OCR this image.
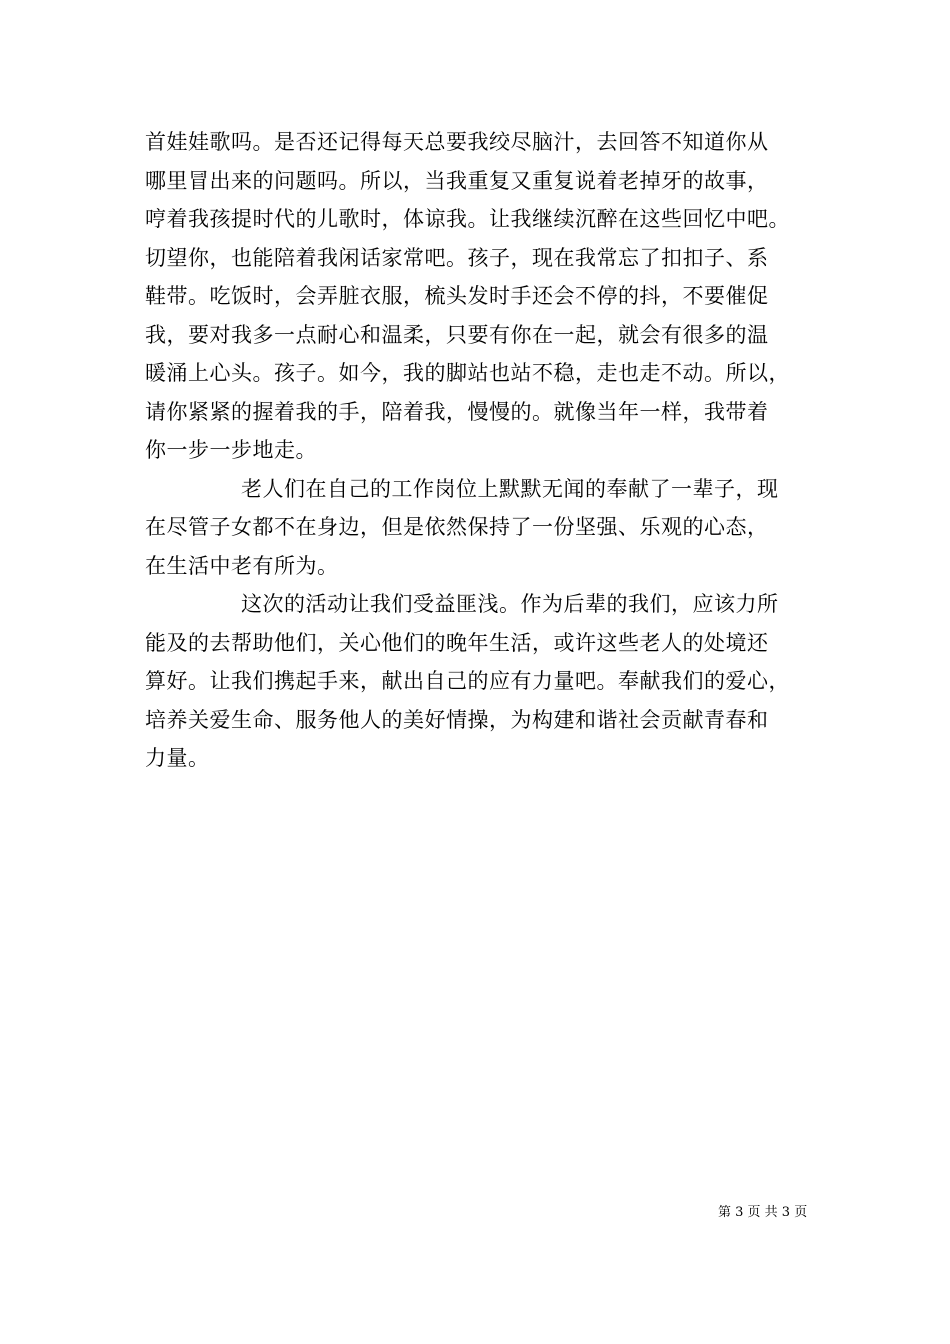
首娃娃歌吗。是否还记得每天总要我绞尽脑汁，去回答不知道你从
哪里冒出来的问题吗。所以，当我重复又重复说着老掉牙的故事，
哼着我孩提时代的儿歌时，体谅我。让我继续沉醉在这些回忆中吧。
切望你，也能陪着我闲话家常吧。孩子，现在我常忘了扣扣子、系
鞋带。吃饭时，会弄脏衣服，梳头发时手还会不停的抖，不要催促
我，要对我多一点耐心和温柔，只要有你在一起，就会有很多的温
暖涌上心头。孩子。如今，我的脚站也站不稳，走也走不动。所以，
请你紧紧的握着我的手，陪着我，慢慢的。就像当年一样，我带着
你一步一步地走。
老人们在自己的工作岗位上默默无闻的奉献了一辈子，现
在尽管子女都不在身边，但是依然保持了一份坚强、乐观的心态，
在生活中老有所为。
这次的活动让我们受益匪浅。作为后辈的我们，应该力所
能及的去帮助他们，关心他们的晚年生活，或许这些老人的处境还
算好。让我们携起手来，献出自己的应有力量吧。奉献我们的爱心，
培养关爱生命、服务他人的美好情操，为构建和谐社会贡献青春和
力量。
第 3 页 共 3 页
